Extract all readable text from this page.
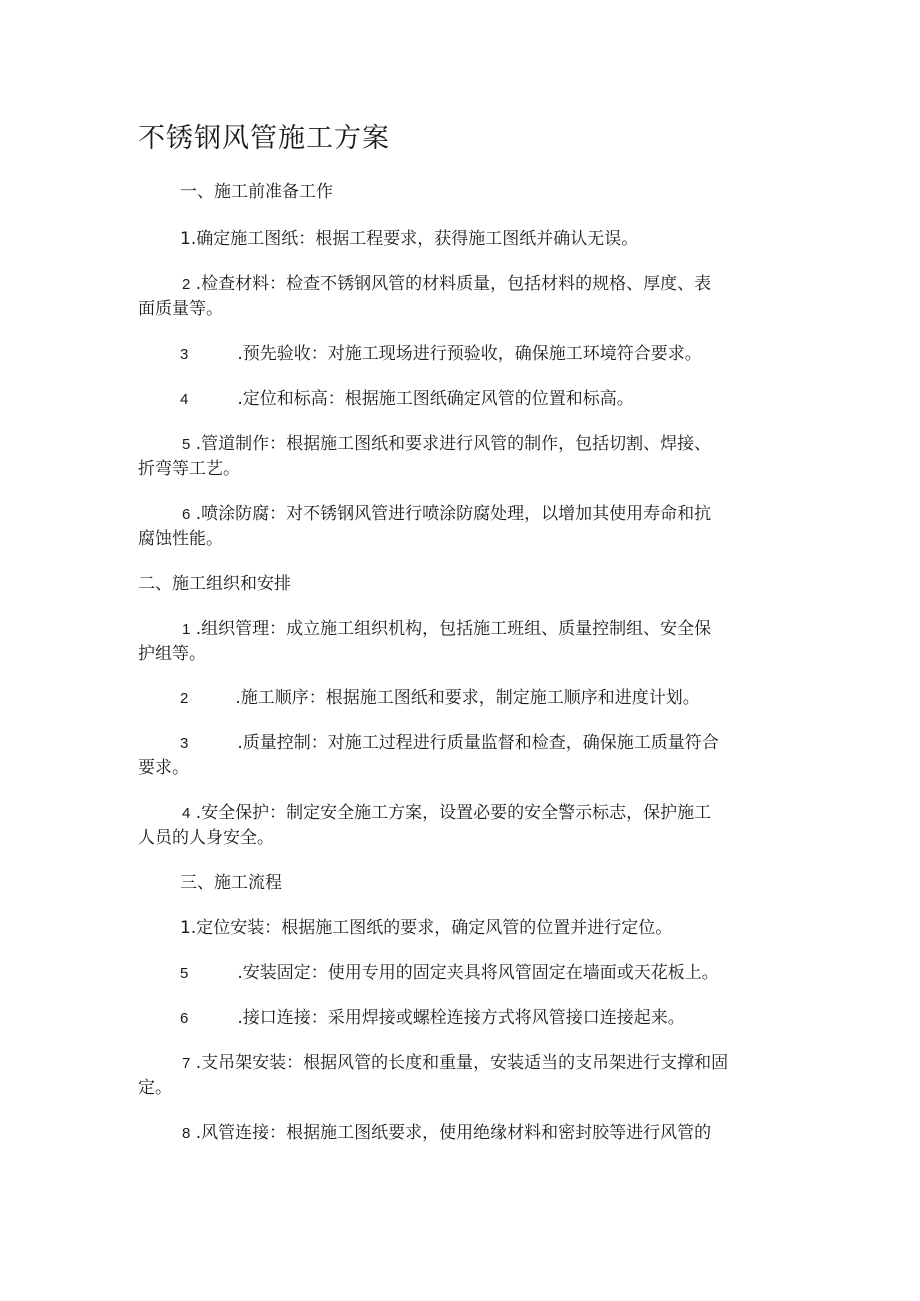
不锈钢风管施工方案
一、施工前准备工作
1.确定施工图纸：根据工程要求，获得施工图纸并确认无误。
2 .检查材料：检查不锈钢风管的材料质量，包括材料的规格、厚度、表
面质量等。
3	.预先验收：对施工现场进行预验收，确保施工环境符合要求。
4	.定位和标高：根据施工图纸确定风管的位置和标高。
5 .管道制作：根据施工图纸和要求进行风管的制作，包括切割、焊接、
折弯等工艺。
6 .喷涂防腐：对不锈钢风管进行喷涂防腐处理，以增加其使用寿命和抗
腐蚀性能。
二、施工组织和安排
1 .组织管理：成立施工组织机构，包括施工班组、质量控制组、安全保
护组等。
2	.施工顺序：根据施工图纸和要求，制定施工顺序和进度计划。
3	.质量控制：对施工过程进行质量监督和检查，确保施工质量符合
要求。
4 .安全保护：制定安全施工方案，设置必要的安全警示标志，保护施工
人员的人身安全。
三、施工流程
1.定位安装：根据施工图纸的要求，确定风管的位置并进行定位。
5	.安装固定：使用专用的固定夹具将风管固定在墙面或天花板上。
6	.接口连接：采用焊接或螺栓连接方式将风管接口连接起来。
7 .支吊架安装：根据风管的长度和重量，安装适当的支吊架进行支撑和固
定。
8 .风管连接：根据施工图纸要求，使用绝缘材料和密封胶等进行风管的
